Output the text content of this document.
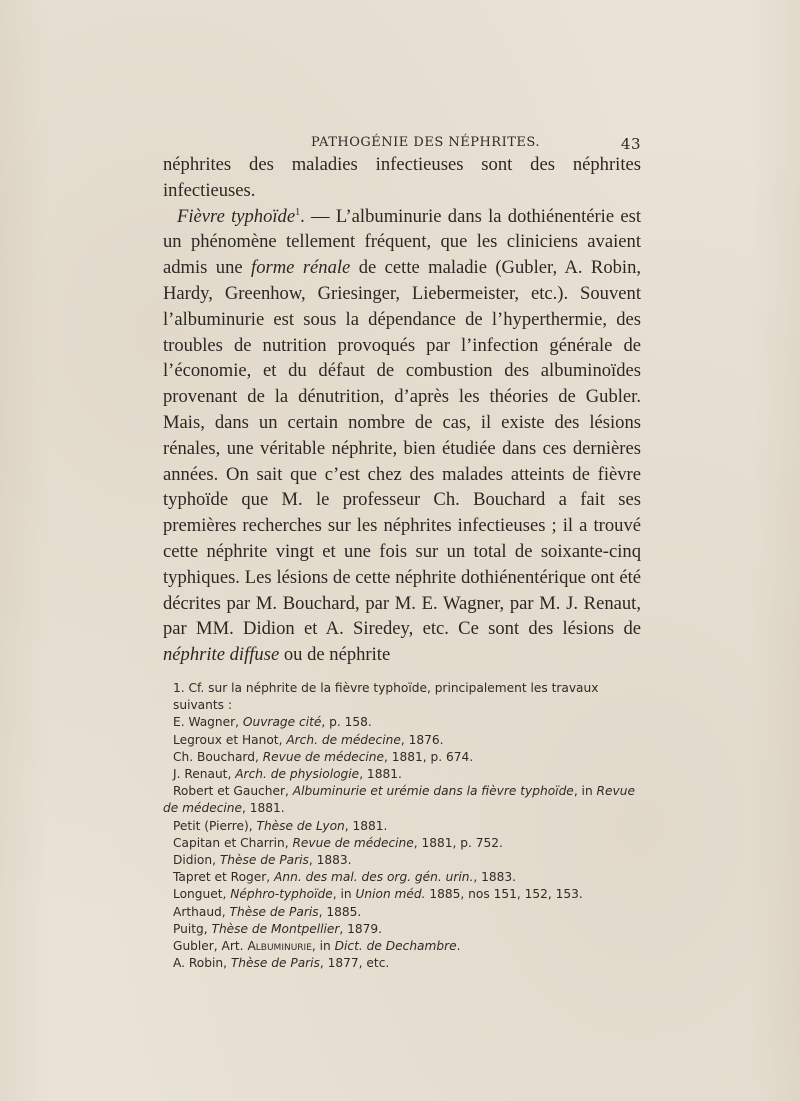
PATHOGÉNIE DES NÉPHRITES.	43

néphrites des maladies infectieuses sont des néphrites infectieuses.

Fièvre typhoïde$^1$. — L’albuminurie dans la dothiénentérie est un phénomène tellement fréquent, que les cliniciens avaient admis une forme rénale de cette maladie (Gubler, A. Robin, Hardy, Greenhow, Griesinger, Liebermeister, etc.). Souvent l’albuminurie est sous la dépendance de l’hyperthermie, des troubles de nutrition provoqués par l’infection générale de l’économie, et du défaut de combustion des albuminoïdes provenant de la dénutrition, d’après les théories de Gubler. Mais, dans un certain nombre de cas, il existe des lésions rénales, une véritable néphrite, bien étudiée dans ces dernières années. On sait que c’est chez des malades atteints de fièvre typhoïde que M. le professeur Ch. Bouchard a fait ses premières recherches sur les néphrites infectieuses ; il a trouvé cette néphrite vingt et une fois sur un total de soixante-cinq typhiques. Les lésions de cette néphrite dothiénentérique ont été décrites par M. Bouchard, par M. E. Wagner, par M. J. Renaut, par MM. Didion et A. Siredey, etc. Ce sont des lésions de néphrite diffuse ou de néphrite

1. Cf. sur la néphrite de la fièvre typhoïde, principalement les travaux suivants :

E. Wagner, Ouvrage cité, p. 158.

Legroux et Hanot, Arch. de médecine, 1876.

Ch. Bouchard, Revue de médecine, 1881, p. 674.

J. Renaut, Arch. de physiologie, 1881.

Robert et Gaucher, Albuminurie et urémie dans la fièvre typhoïde, in Revue de médecine, 1881.

Petit (Pierre), Thèse de Lyon, 1881.

Capitan et Charrin, Revue de médecine, 1881, p. 752.

Didion, Thèse de Paris, 1883.

Tapret et Roger, Ann. des mal. des org. gén. urin., 1883.

Longuet, Néphro-typhoïde, in Union méd. 1885, nos 151, 152, 153.

Arthaud, Thèse de Paris, 1885.

Puitg, Thèse de Montpellier, 1879.

Gubler, Art. Albuminurie, in Dict. de Dechambre.

A. Robin, Thèse de Paris, 1877, etc.
